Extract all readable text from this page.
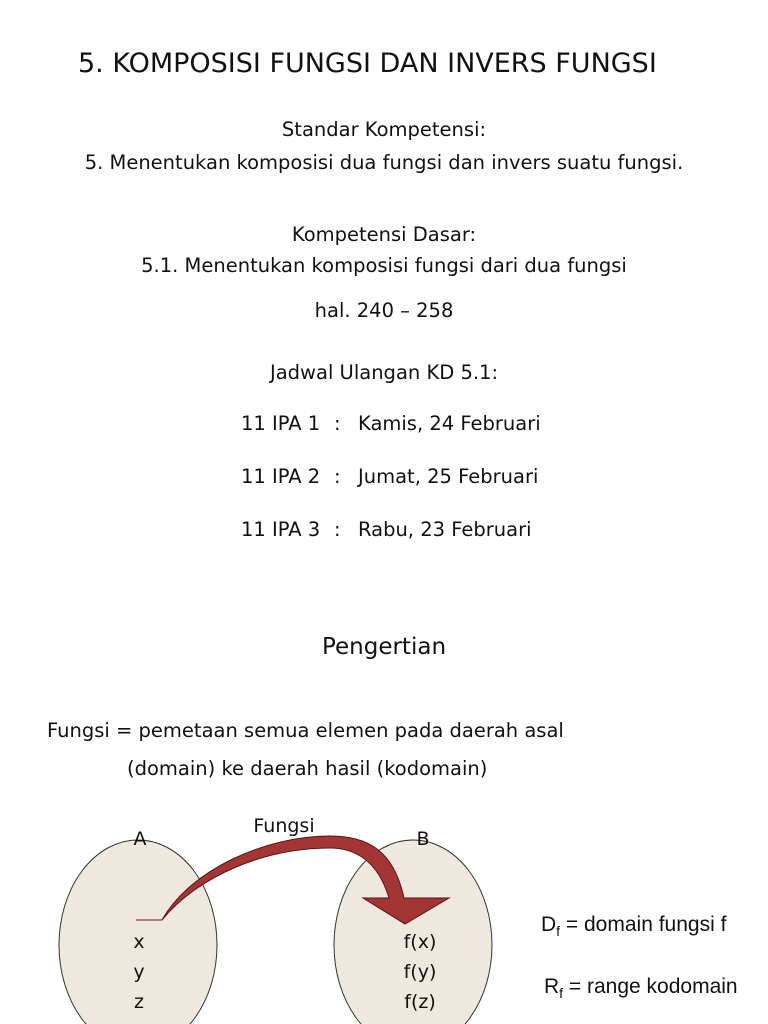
5. KOMPOSISI FUNGSI DAN INVERS FUNGSI
Standar Kompetensi:
5. Menentukan komposisi dua fungsi dan invers suatu fungsi.
Kompetensi Dasar:
5.1. Menentukan komposisi fungsi dari dua fungsi
hal. 240 – 258
Jadwal Ulangan KD 5.1:
11 IPA 1 : Kamis, 24 Februari
11 IPA 2 : Jumat, 25 Februari
11 IPA 3 : Rabu, 23 Februari
Pengertian
Fungsi = pemetaan semua elemen pada daerah asal
(domain) ke daerah hasil (kodomain)
A	B
Fungsi
x
y
z
f(x)
f(y)
f(z)
$D_f$ = domain fungsi f
$R_f$ = range kodomain
